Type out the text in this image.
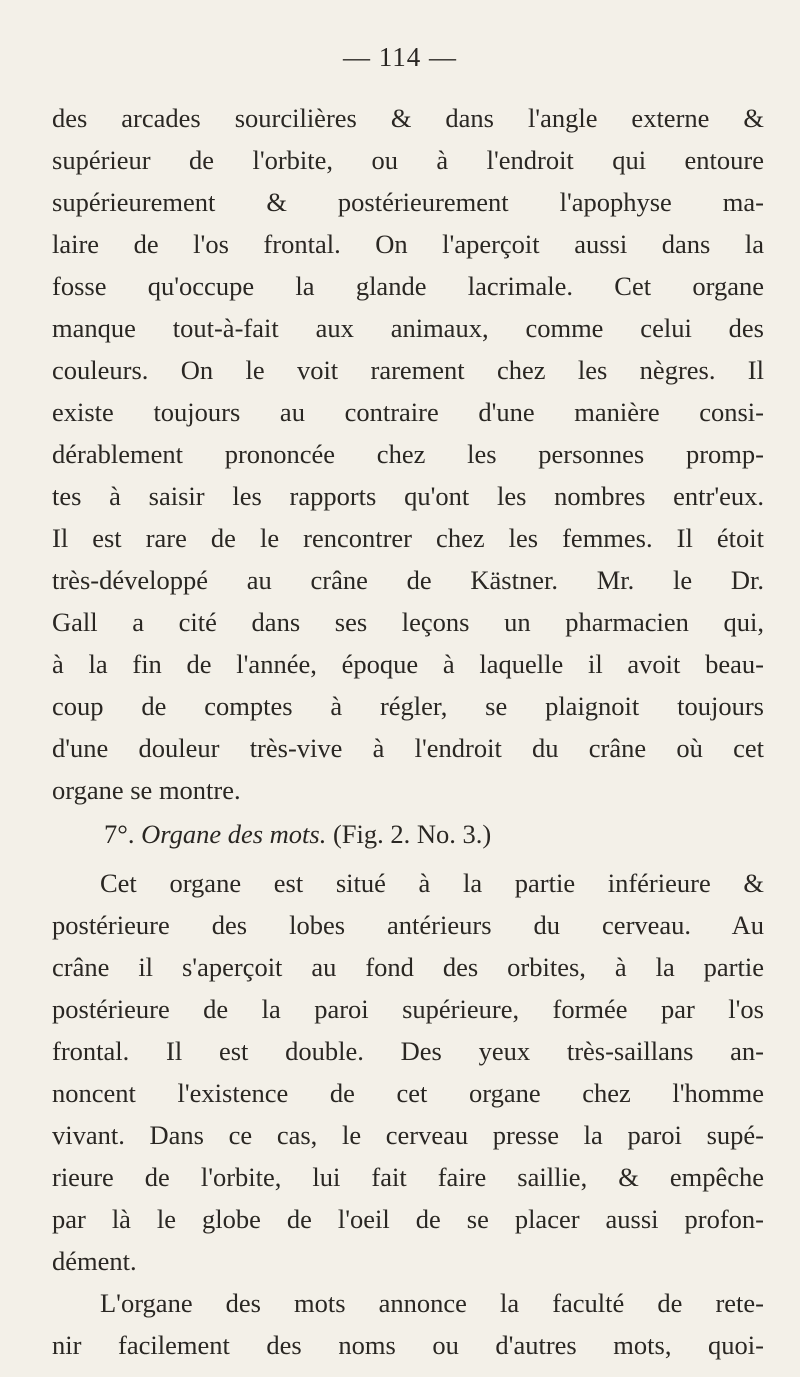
— 114 —
des arcades sourcilières & dans l'angle externe &
supérieur de l'orbite, ou à l'endroit qui entoure
supérieurement & postérieurement l'apophyse ma-
laire de l'os frontal. On l'aperçoit aussi dans la
fosse qu'occupe la glande lacrimale. Cet organe
manque tout-à-fait aux animaux, comme celui des
couleurs. On le voit rarement chez les nègres. Il
existe toujours au contraire d'une manière consi-
dérablement prononcée chez les personnes promp-
tes à saisir les rapports qu'ont les nombres entr'eux.
Il est rare de le rencontrer chez les femmes. Il étoit
très-développé au crâne de Kästner. Mr. le Dr.
Gall a cité dans ses leçons un pharmacien qui,
à la fin de l'année, époque à laquelle il avoit beau-
coup de comptes à régler, se plaignoit toujours
d'une douleur très-vive à l'endroit du crâne où cet
organe se montre.
7°. Organe des mots. (Fig. 2. No. 3.)
Cet organe est situé à la partie inférieure &
postérieure des lobes antérieurs du cerveau. Au
crâne il s'aperçoit au fond des orbites, à la partie
postérieure de la paroi supérieure, formée par l'os
frontal. Il est double. Des yeux très-saillans an-
noncent l'existence de cet organe chez l'homme
vivant. Dans ce cas, le cerveau presse la paroi supé-
rieure de l'orbite, lui fait faire saillie, & empêche
par là le globe de l'oeil de se placer aussi profon-
dément.
L'organe des mots annonce la faculté de rete-
nir facilement des noms ou d'autres mots, quoi-
